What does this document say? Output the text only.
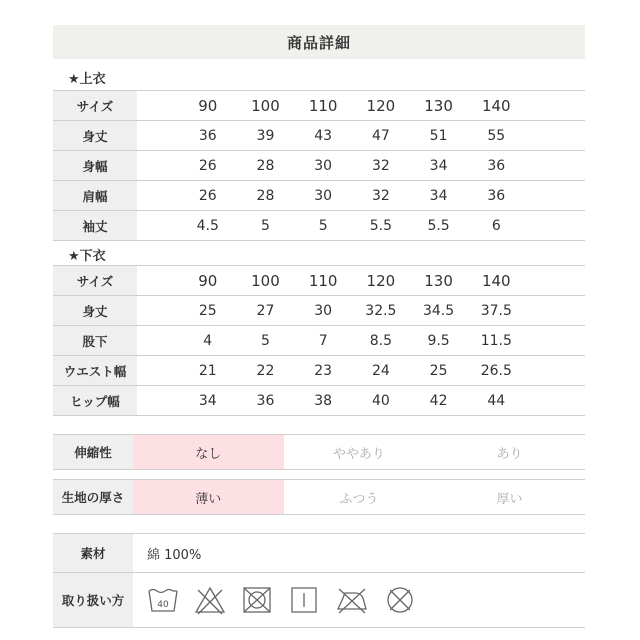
商品詳細
★上衣
サイズ		90	100	110	120	130	140	
身丈		36	39	43	47	51	55	
身幅		26	28	30	32	34	36	
肩幅		26	28	30	32	34	36	
袖丈		4.5	5	5	5.5	5.5	6	
★下衣
サイズ		90	100	110	120	130	140	
身丈		25	27	30	32.5	34.5	37.5	
股下		4	5	7	8.5	9.5	11.5	
ウエスト幅		21	22	23	24	25	26.5	
ヒップ幅		34	36	38	40	42	44	
伸縮性	なし	ややあり	あり
生地の厚さ	薄い	ふつう	厚い
素材	綿 100%
取り扱い方	40
